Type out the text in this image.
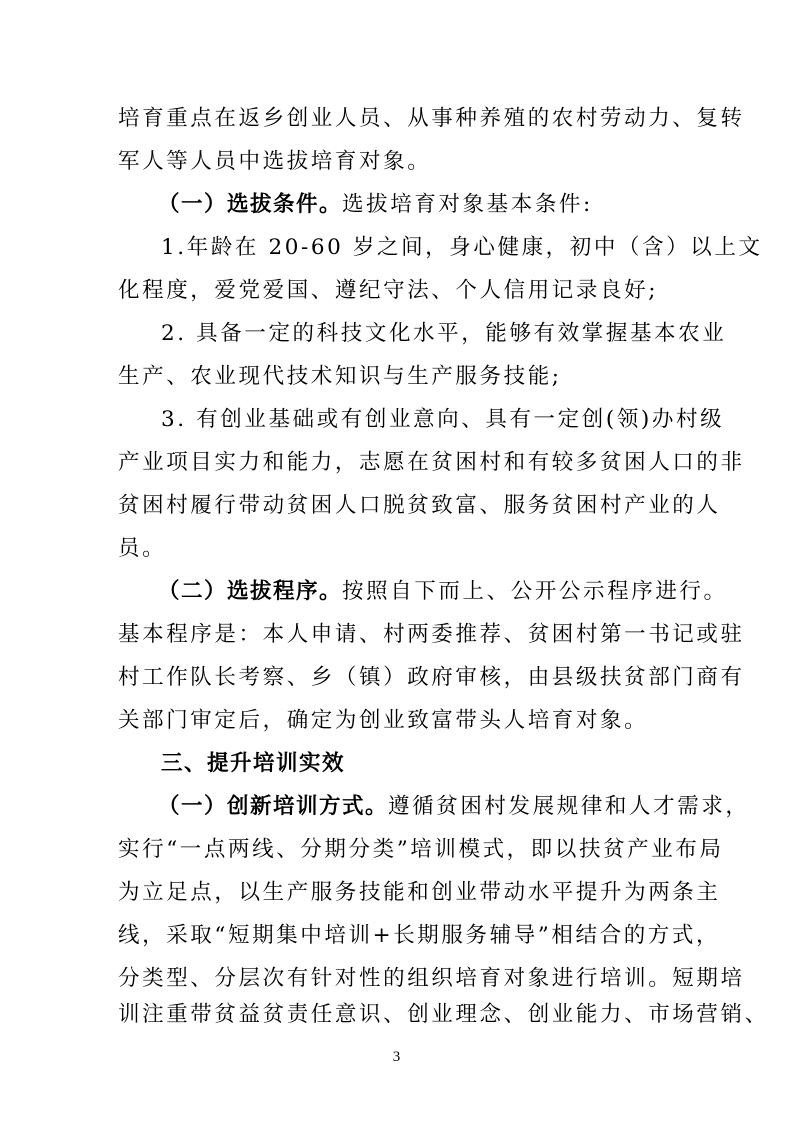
培育重点在返乡创业人员、从事种养殖的农村劳动力、复转
军人等人员中选拔培育对象。
（一）选拔条件。选拔培育对象基本条件:
1.年龄在 20-60 岁之间，身心健康，初中（含）以上文
化程度，爱党爱国、遵纪守法、个人信用记录良好;
2. 具备一定的科技文化水平，能够有效掌握基本农业
生产、农业现代技术知识与生产服务技能;
3. 有创业基础或有创业意向、具有一定创(领)办村级
产业项目实力和能力，志愿在贫困村和有较多贫困人口的非
贫困村履行带动贫困人口脱贫致富、服务贫困村产业的人
员。
（二）选拔程序。按照自下而上、公开公示程序进行。
基本程序是：本人申请、村两委推荐、贫困村第一书记或驻
村工作队长考察、乡（镇）政府审核，由县级扶贫部门商有
关部门审定后，确定为创业致富带头人培育对象。
三、提升培训实效
（一）创新培训方式。遵循贫困村发展规律和人才需求，
实行“一点两线、分期分类”培训模式，即以扶贫产业布局
为立足点，以生产服务技能和创业带动水平提升为两条主
线，采取“短期集中培训+长期服务辅导”相结合的方式，
分类型、分层次有针对性的组织培育对象进行培训。短期培
训注重带贫益贫责任意识、创业理念、创业能力、市场营销、
3
